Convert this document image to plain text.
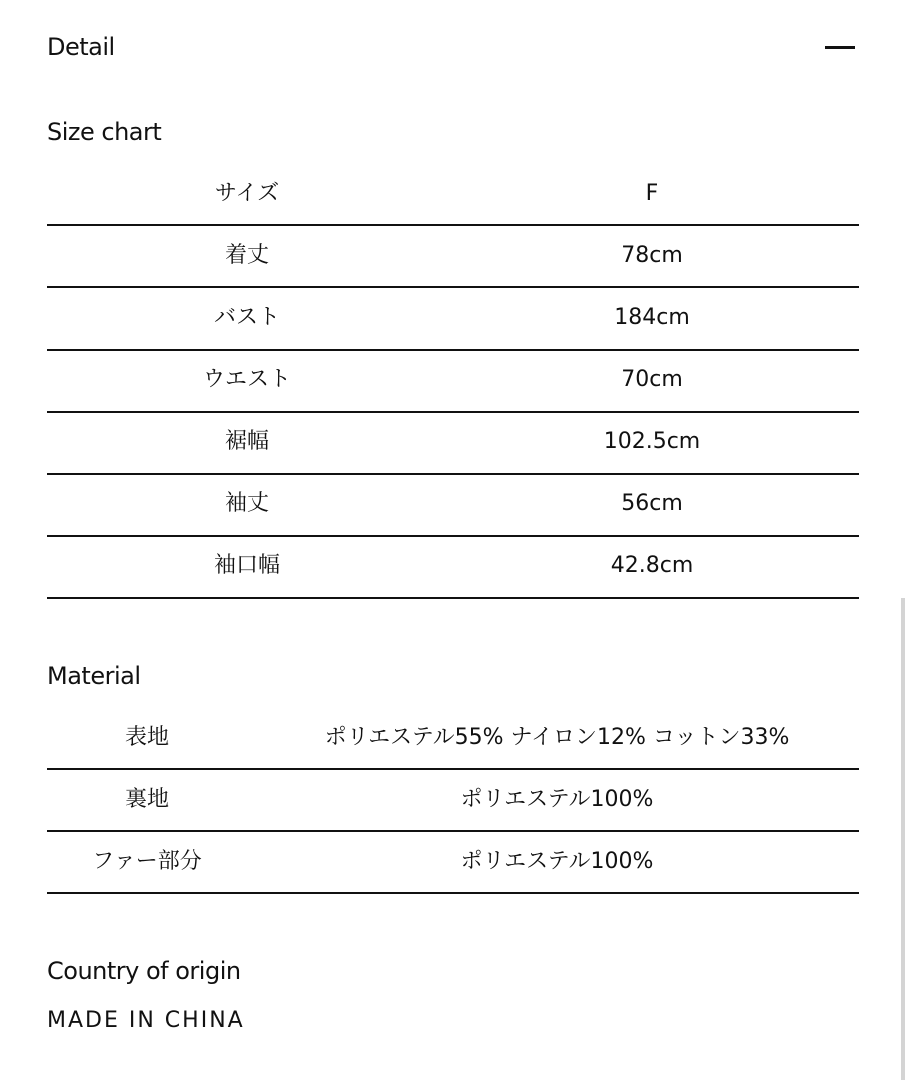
Detail
Size chart
サイズ	F
着丈	78cm
バスト	184cm
ウエスト	70cm
裾幅	102.5cm
袖丈	56cm
袖口幅	42.8cm
Material
表地	ポリエステル55% ナイロン12% コットン33%
裏地	ポリエステル100%
ファー部分	ポリエステル100%
Country of origin
MADE IN CHINA
